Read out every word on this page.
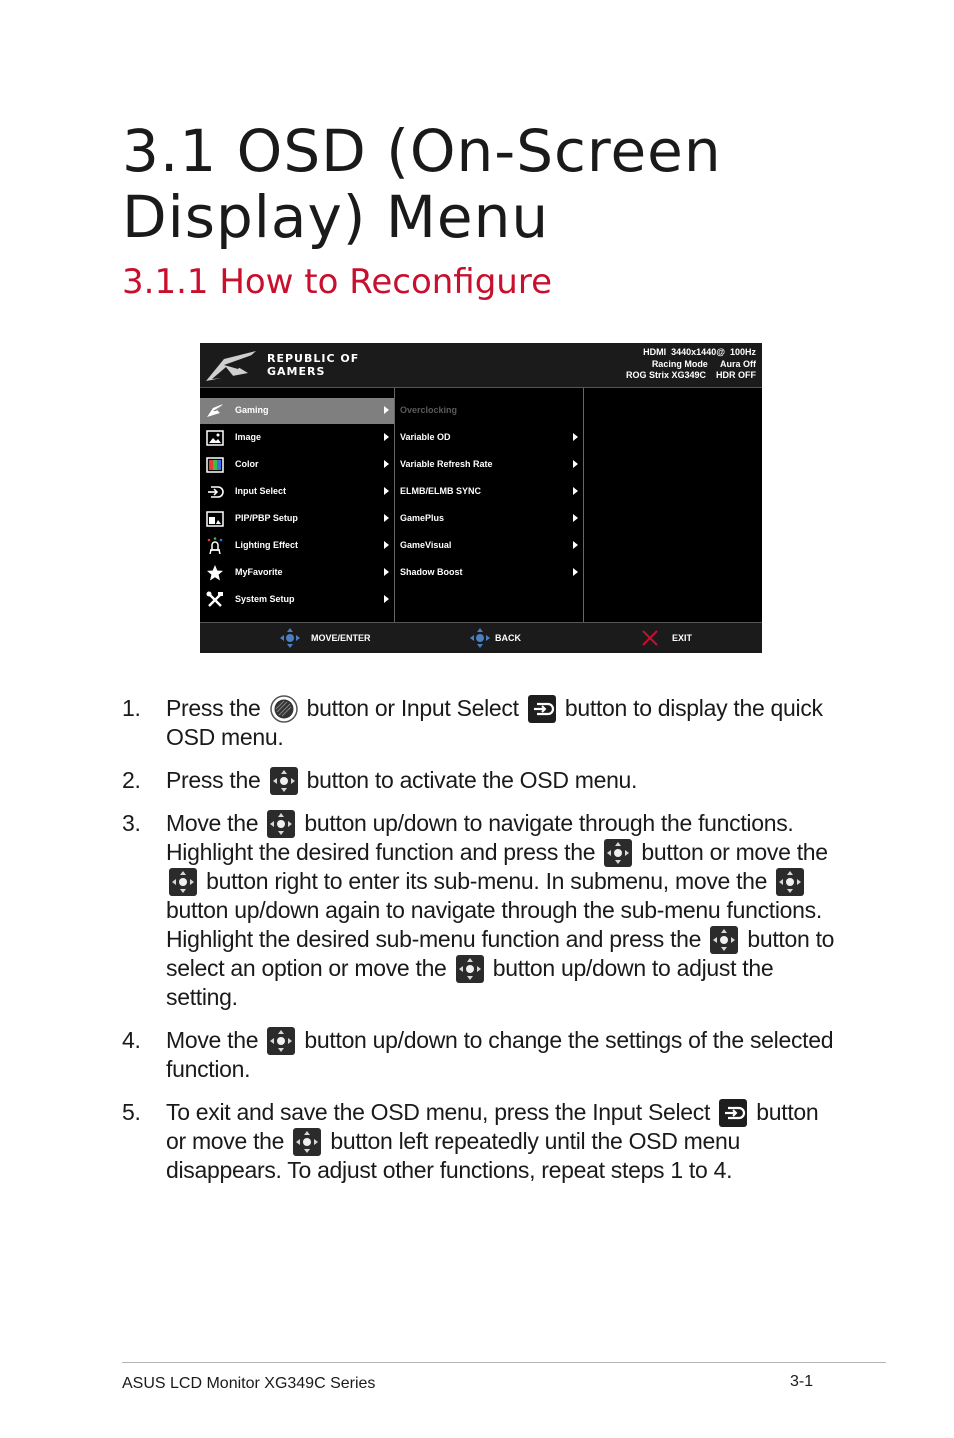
3.1 OSD (On-Screen
Display) Menu
3.1.1 How to Reconfigure
REPUBLIC OF
GAMERS
HDMI  3440x1440@  100Hz
Racing Mode     Aura Off
ROG Strix XG349C    HDR OFF
Gaming
Image
Color
Input Select
PIP/PBP Setup
Lighting Effect
MyFavorite
System Setup
Overclocking
Variable OD
Variable Refresh Rate
ELMB/ELMB SYNC
GamePlus
GameVisual
Shadow Boost
MOVE/ENTER	BACK	EXIT
1. Press the button or Input Select button to display the quick OSD menu.
2. Press the button to activate the OSD menu.
3. Move the button up/down to navigate through the functions. Highlight the desired function and press the button or move the  button right to enter its sub-menu. In submenu, move the  button up/down again to navigate through the sub-menu functions. Highlight the desired sub-menu function and press the button to select an option or move the button up/down to adjust the setting.
4. Move the button up/down to change the settings of the selected function.
5. To exit and save the OSD menu, press the Input Select button or move the button left repeatedly until the OSD menu disappears. To adjust other functions, repeat steps 1 to 4.
ASUS LCD Monitor XG349C Series	3-1
